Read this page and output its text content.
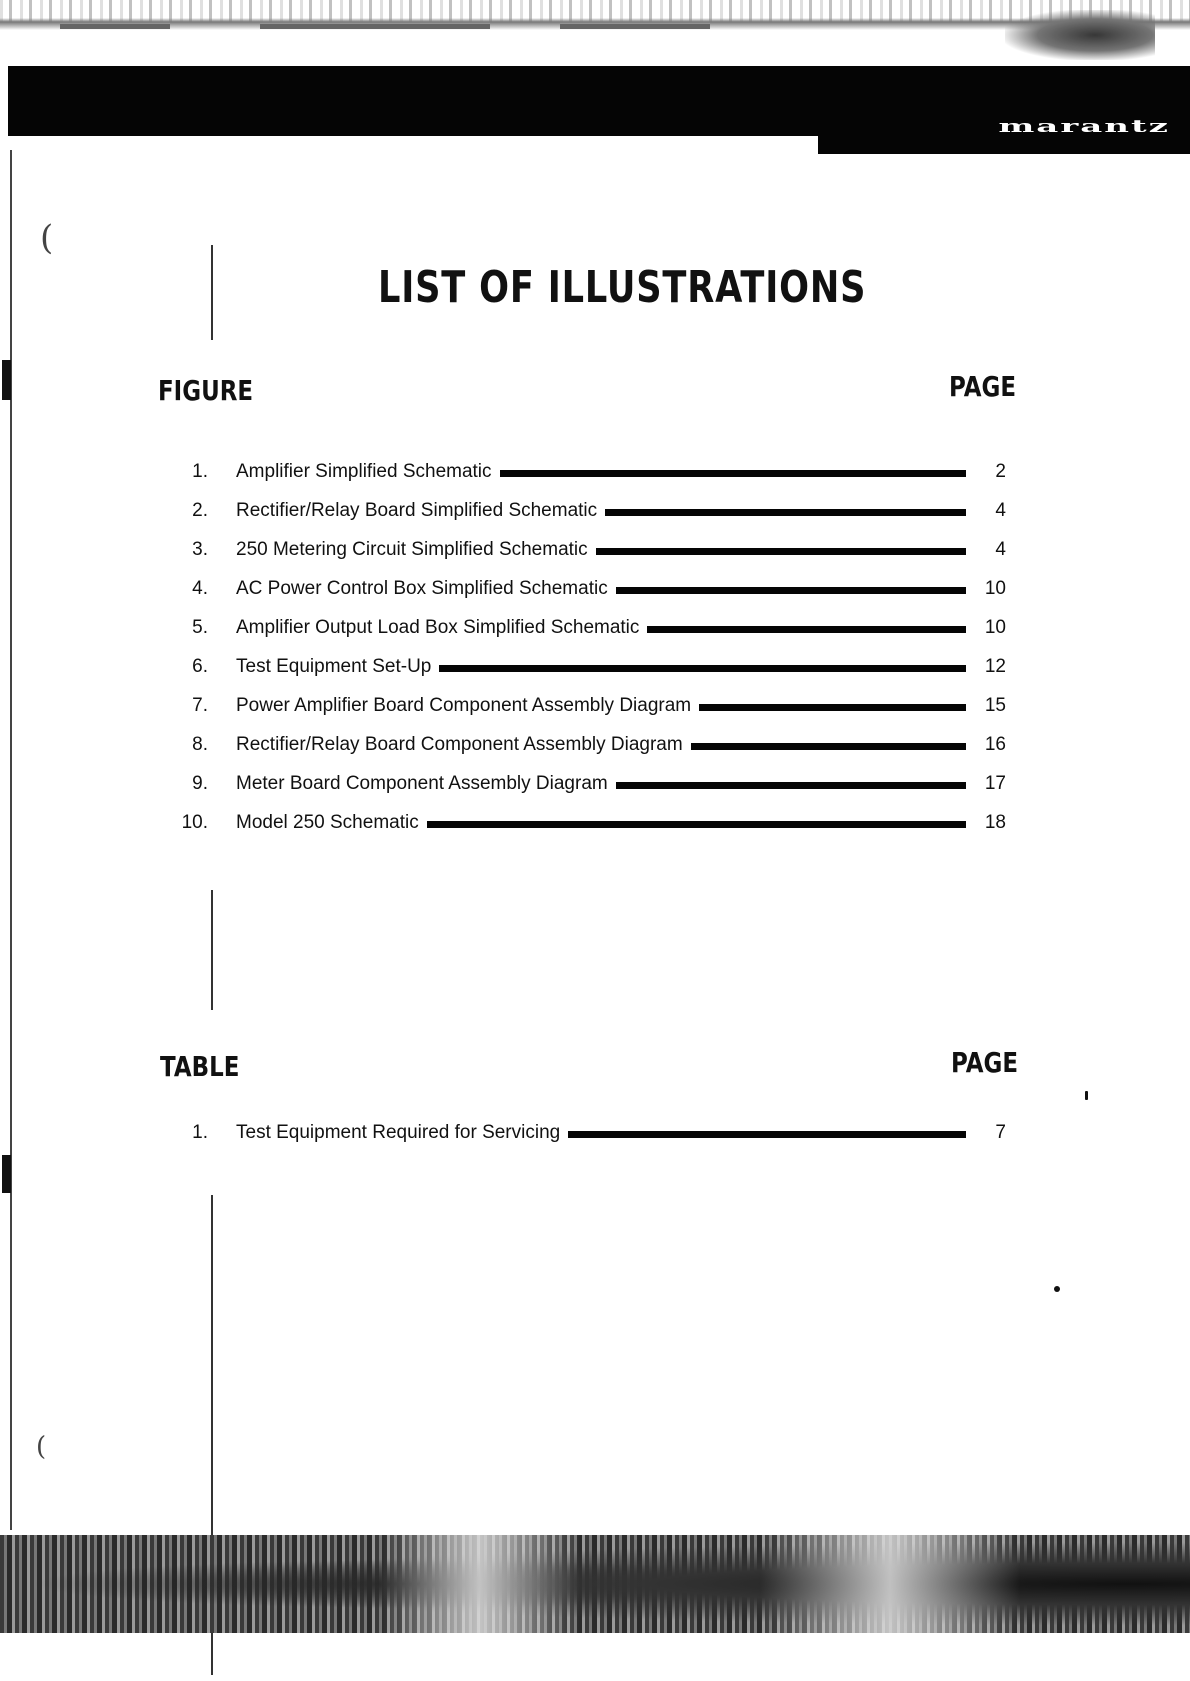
marantz
(
(
LIST OF ILLUSTRATIONS
FIGURE	PAGE
1.	Amplifier Simplified Schematic	2
2.	Rectifier/Relay Board Simplified Schematic	4
3.	250 Metering Circuit Simplified Schematic	4
4.	AC Power Control Box Simplified Schematic	10
5.	Amplifier Output Load Box Simplified Schematic	10
6.	Test Equipment Set-Up	12
7.	Power Amplifier Board Component Assembly Diagram	15
8.	Rectifier/Relay Board Component Assembly Diagram	16
9.	Meter Board Component Assembly Diagram	17
10.	Model 250 Schematic	18
TABLE	PAGE
1.	Test Equipment Required for Servicing	7
